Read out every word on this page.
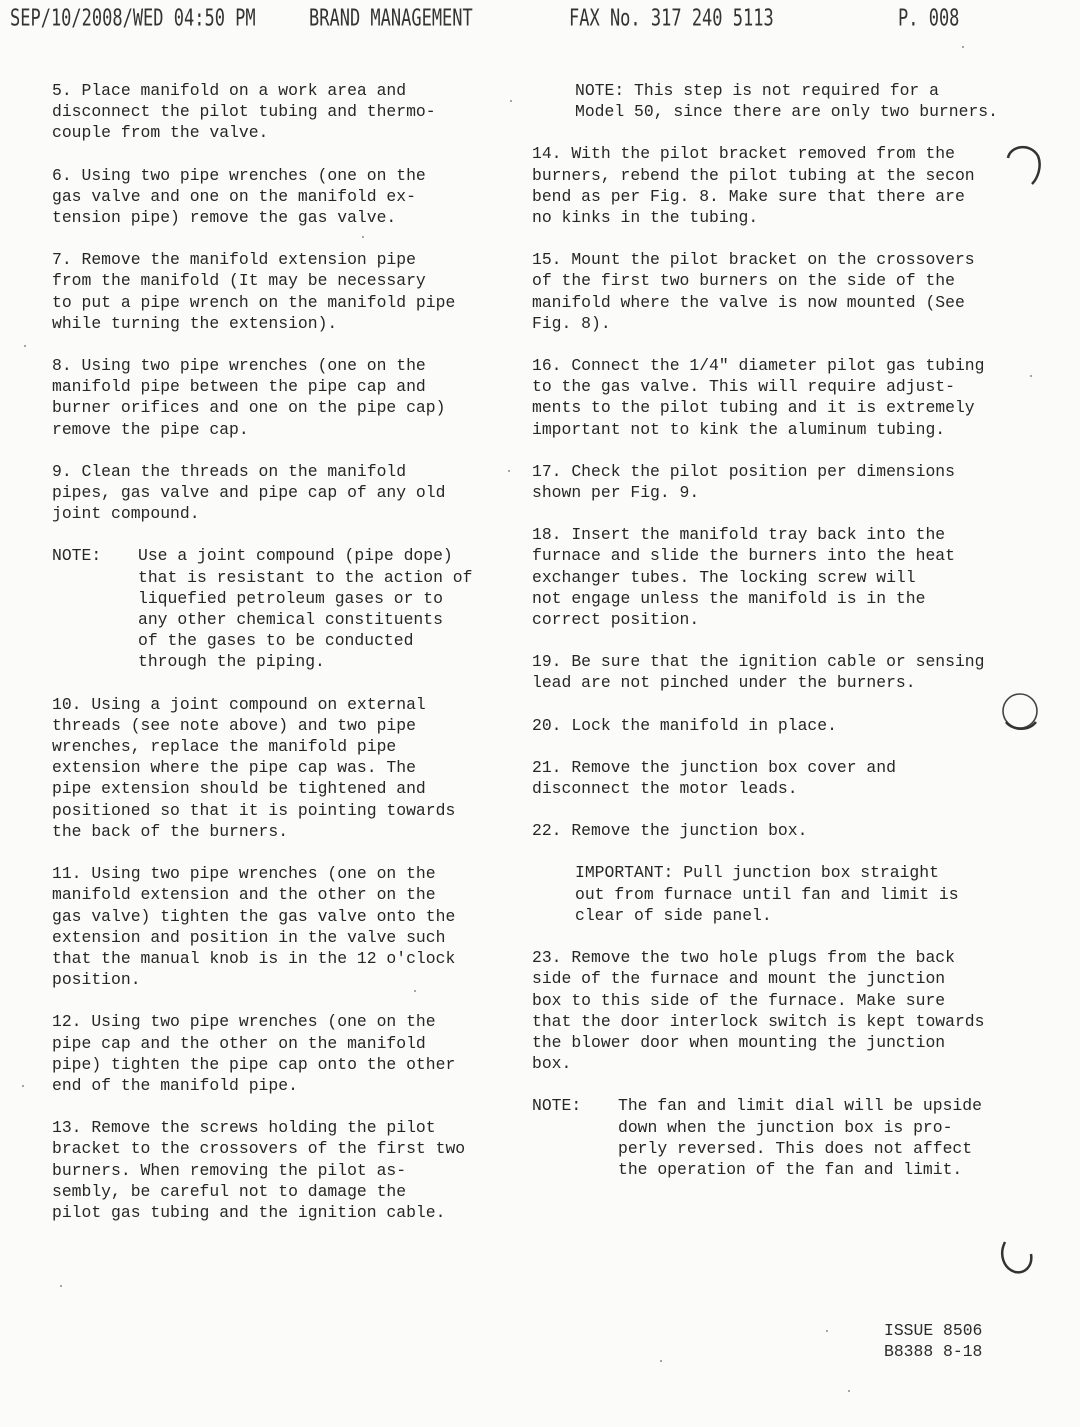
SEP/10/2008/WED 04:50 PM	BRAND MANAGEMENT	FAX No. 317 240 5113	P. 008

5. Place manifold on a work area and
disconnect the pilot tubing and thermo-
couple from the valve.

6. Using two pipe wrenches (one on the
gas valve and one on the manifold ex-
tension pipe) remove the gas valve.

7. Remove the manifold extension pipe
from the manifold (It may be necessary
to put a pipe wrench on the manifold pipe
while turning the extension).

8. Using two pipe wrenches (one on the
manifold pipe between the pipe cap and
burner orifices and one on the pipe cap)
remove the pipe cap.

9. Clean the threads on the manifold
pipes, gas valve and pipe cap of any old
joint compound.

NOTE:	Use a joint compound (pipe dope)
that is resistant to the action of
liquefied petroleum gases or to
any other chemical constituents
of the gases to be conducted
through the piping.

10. Using a joint compound on external
threads (see note above) and two pipe
wrenches, replace the manifold pipe
extension where the pipe cap was. The
pipe extension should be tightened and
positioned so that it is pointing towards
the back of the burners.

11. Using two pipe wrenches (one on the
manifold extension and the other on the
gas valve) tighten the gas valve onto the
extension and position in the valve such
that the manual knob is in the 12 o'clock
position.

12. Using two pipe wrenches (one on the
pipe cap and the other on the manifold
pipe) tighten the pipe cap onto the other
end of the manifold pipe.

13. Remove the screws holding the pilot
bracket to the crossovers of the first two
burners. When removing the pilot as-
sembly, be careful not to damage the
pilot gas tubing and the ignition cable.

NOTE: This step is not required for a
Model 50, since there are only two burners.

14. With the pilot bracket removed from the
burners, rebend the pilot tubing at the secon
bend as per Fig. 8. Make sure that there are
no kinks in the tubing.

15. Mount the pilot bracket on the crossovers
of the first two burners on the side of the
manifold where the valve is now mounted (See
Fig. 8).

16. Connect the 1/4" diameter pilot gas tubing
to the gas valve. This will require adjust-
ments to the pilot tubing and it is extremely
important not to kink the aluminum tubing.

17. Check the pilot position per dimensions
shown per Fig. 9.

18. Insert the manifold tray back into the
furnace and slide the burners into the heat
exchanger tubes. The locking screw will
not engage unless the manifold is in the
correct position.

19. Be sure that the ignition cable or sensing
lead are not pinched under the burners.

20. Lock the manifold in place.

21. Remove the junction box cover and
disconnect the motor leads.

22. Remove the junction box.

IMPORTANT: Pull junction box straight
out from furnace until fan and limit is
clear of side panel.

23. Remove the two hole plugs from the back
side of the furnace and mount the junction
box to this side of the furnace. Make sure
that the door interlock switch is kept towards
the blower door when mounting the junction
box.

NOTE:	The fan and limit dial will be upside
down when the junction box is pro-
perly reversed. This does not affect
the operation of the fan and limit.
ISSUE 8506
B8388 8-18
